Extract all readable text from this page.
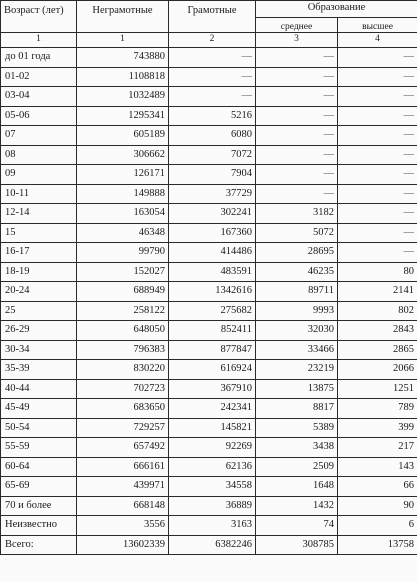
Возраст (лет)	Неграмотные	Грамотные	Образование	
			среднее	высшее
1	1	2	3	4
до 01 года	743880	—	—	—
01-02	1108818	—	—	—
03-04	1032489	—	—	—
05-06	1295341	5216	—	—
07	605189	6080	—	—
08	306662	7072	—	—
09	126171	7904	—	—
10-11	149888	37729	—	—
12-14	163054	302241	3182	—
15	46348	167360	5072	—
16-17	99790	414486	28695	—
18-19	152027	483591	46235	80
20-24	688949	1342616	89711	2141
25	258122	275682	9993	802
26-29	648050	852411	32030	2843
30-34	796383	877847	33466	2865
35-39	830220	616924	23219	2066
40-44	702723	367910	13875	1251
45-49	683650	242341	8817	789
50-54	729257	145821	5389	399
55-59	657492	92269	3438	217
60-64	666161	62136	2509	143
65-69	439971	34558	1648	66
70 и более	668148	36889	1432	90
Неизвестно	3556	3163	74	6
Всего:	13602339	6382246	308785	13758
